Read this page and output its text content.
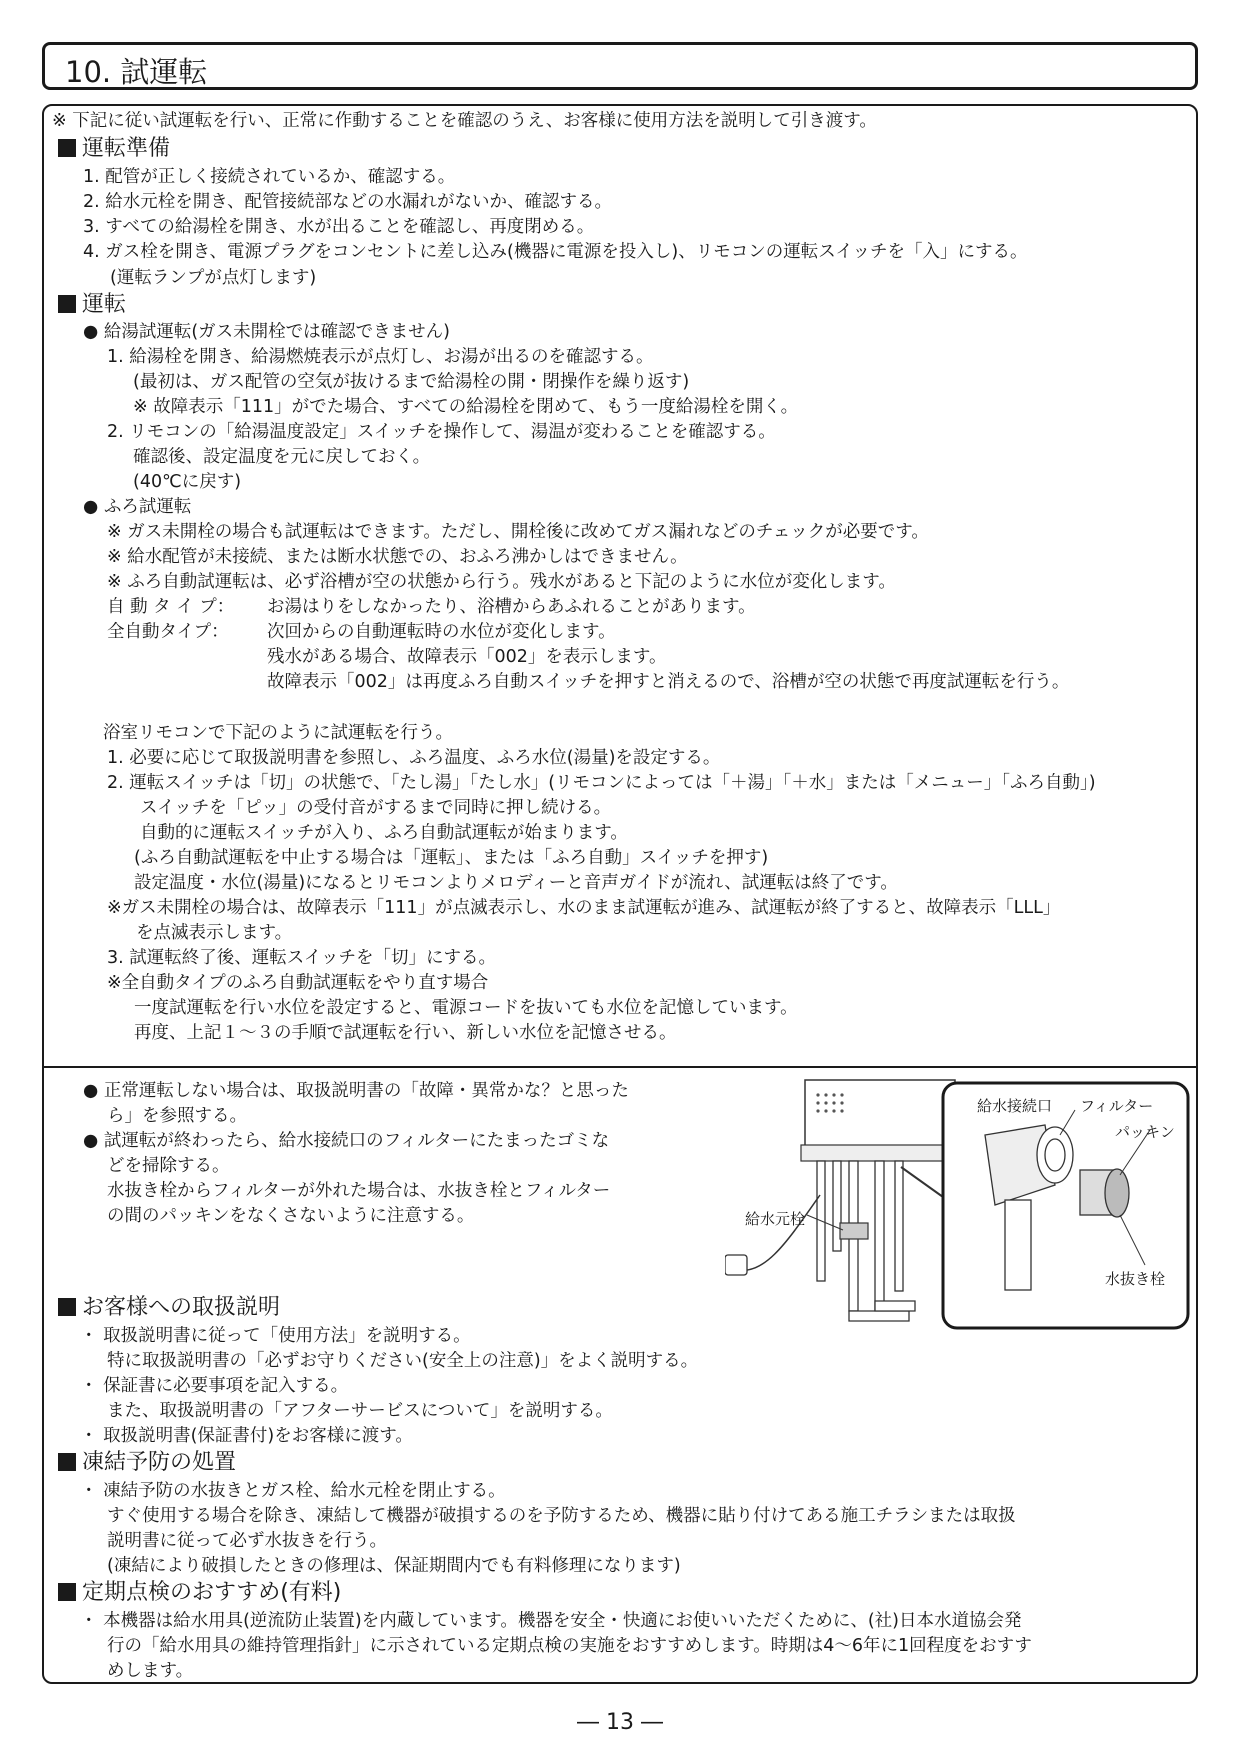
10. 試運転
※ 下記に従い試運転を行い、正常に作動することを確認のうえ、お客様に使用方法を説明して引き渡す。
運転準備
1. 配管が正しく接続されているか、確認する。
2. 給水元栓を開き、配管接続部などの水漏れがないか、確認する。
3. すべての給湯栓を開き、水が出ることを確認し、再度閉める。
4. ガス栓を開き、電源プラグをコンセントに差し込み(機器に電源を投入し)、リモコンの運転スイッチを「入」にする。
(運転ランプが点灯します)
運転
● 給湯試運転(ガス未開栓では確認できません)
1. 給湯栓を開き、給湯燃焼表示が点灯し、お湯が出るのを確認する。
(最初は、ガス配管の空気が抜けるまで給湯栓の開・閉操作を繰り返す)
※ 故障表示「111」がでた場合、すべての給湯栓を閉めて、もう一度給湯栓を開く。
2. リモコンの「給湯温度設定」スイッチを操作して、湯温が変わることを確認する。
確認後、設定温度を元に戻しておく。
(40℃に戻す)
● ふろ試運転
※ ガス未開栓の場合も試運転はできます。ただし、開栓後に改めてガス漏れなどのチェックが必要です。
※ 給水配管が未接続、または断水状態での、おふろ沸かしはできません。
※ ふろ自動試運転は、必ず浴槽が空の状態から行う。残水があると下記のように水位が変化します。
自 動 タ イ プ： お湯はりをしなかったり、浴槽からあふれることがあります。
全自動タイプ： 次回からの自動運転時の水位が変化します。
残水がある場合、故障表示「002」を表示します。
故障表示「002」は再度ふろ自動スイッチを押すと消えるので、浴槽が空の状態で再度試運転を行う。
浴室リモコンで下記のように試運転を行う。
1. 必要に応じて取扱説明書を参照し、ふろ温度、ふろ水位(湯量)を設定する。
2. 運転スイッチは「切」の状態で、「たし湯」「たし水」(リモコンによっては「＋湯」「＋水」または「メニュー」「ふろ自動」)
スイッチを「ピッ」の受付音がするまで同時に押し続ける。
自動的に運転スイッチが入り、ふろ自動試運転が始まります。
(ふろ自動試運転を中止する場合は「運転」、または「ふろ自動」スイッチを押す)
設定温度・水位(湯量)になるとリモコンよりメロディーと音声ガイドが流れ、試運転は終了です。
※ガス未開栓の場合は、故障表示「111」が点滅表示し、水のまま試運転が進み、試運転が終了すると、故障表示「LLL」
を点滅表示します。
3. 試運転終了後、運転スイッチを「切」にする。
※全自動タイプのふろ自動試運転をやり直す場合
一度試運転を行い水位を設定すると、電源コードを抜いても水位を記憶しています。
再度、上記１～３の手順で試運転を行い、新しい水位を記憶させる。
● 正常運転しない場合は、取扱説明書の「故障・異常かな？と思った
ら」を参照する。
● 試運転が終わったら、給水接続口のフィルターにたまったゴミな
どを掃除する。
水抜き栓からフィルターが外れた場合は、水抜き栓とフィルター
の間のパッキンをなくさないように注意する。
給水接続口 フィルター
パッキン
水抜き栓
給水元栓
お客様への取扱説明
・ 取扱説明書に従って「使用方法」を説明する。
特に取扱説明書の「必ずお守りください(安全上の注意)」をよく説明する。
・ 保証書に必要事項を記入する。
また、取扱説明書の「アフターサービスについて」を説明する。
・ 取扱説明書(保証書付)をお客様に渡す。
凍結予防の処置
・ 凍結予防の水抜きとガス栓、給水元栓を閉止する。
すぐ使用する場合を除き、凍結して機器が破損するのを予防するため、機器に貼り付けてある施工チラシまたは取扱
説明書に従って必ず水抜きを行う。
(凍結により破損したときの修理は、保証期間内でも有料修理になります)
定期点検のおすすめ(有料)
・ 本機器は給水用具(逆流防止装置)を内蔵しています。機器を安全・快適にお使いいただくために、(社)日本水道協会発
行の「給水用具の維持管理指針」に示されている定期点検の実施をおすすめします。時期は4～6年に1回程度をおすす
めします。
― 13 ―
